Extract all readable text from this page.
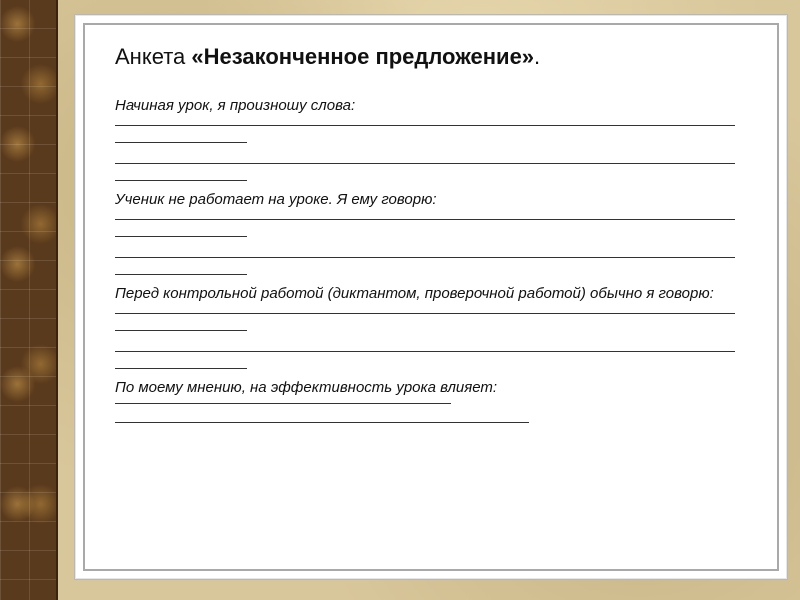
Анкета «Незаконченное предложение».

Начиная урок, я произношу слова:

Ученик не работает на уроке. Я ему говорю:

Перед контрольной работой (диктантом, проверочной работой) обычно я говорю:

По моему мнению, на эффективность урока влияет:
